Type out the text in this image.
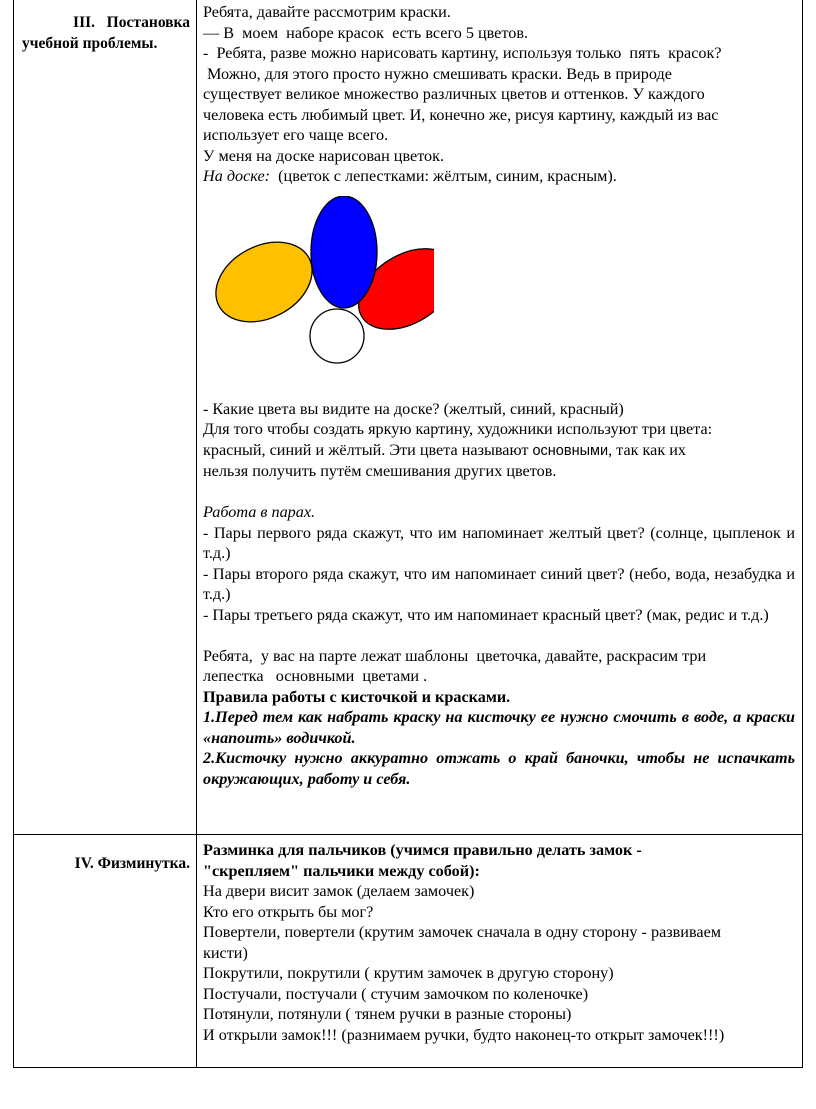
III.   Постановка
учебной проблемы.

Ребята, давайте рассмотрим краски.

— В  моем  наборе красок  есть всего 5 цветов.

-  Ребята, разве можно нарисовать картину, используя только  пять  красок?

Можно, для этого просто нужно смешивать краски. Ведь в природе

существует великое множество различных цветов и оттенков. У каждого

человека есть любимый цвет. И, конечно же, рисуя картину, каждый из вас

использует его чаще всего.

У меня на доске нарисован цветок.

На доске:  (цветок с лепестками: жёлтым, синим, красным).

- Какие цвета вы видите на доске? (желтый, синий, красный)

Для того чтобы создать яркую картину, художники используют три цвета:

красный, синий и жёлтый. Эти цвета называют основными, так как их

нельзя получить путём смешивания других цветов.

Работа в парах.

- Пары первого ряда скажут, что им напоминает желтый цвет? (солнце, цыпленок и т.д.)

- Пары второго ряда скажут, что им напоминает синий цвет? (небо, вода, незабудка и т.д.)

- Пары третьего ряда скажут, что им напоминает красный цвет? (мак, редис и т.д.)

Ребята,  у вас на парте лежат шаблоны  цветочка, давайте, раскрасим три

лепестка   основными  цветами .

Правила работы с кисточкой и красками.

1.Перед тем как набрать краску на кисточку ее нужно смочить в воде, а краски «напоить» водичкой.

2.Кисточку нужно аккуратно отжать о край баночки, чтобы не испачкать окружающих, работу и себя.

IV. Физминутка.

Разминка для пальчиков (учимся правильно делать замок -

"скрепляем" пальчики между собой):

На двери висит замок (делаем замочек)

Кто его открыть бы мог?

Повертели, повертели (крутим замочек сначала в одну сторону - развиваем

кисти)

Покрутили, покрутили ( крутим замочек в другую сторону)

Постучали, постучали ( стучим замочком по коленочке)

Потянули, потянули ( тянем ручки в разные стороны)

И открыли замок!!! (разнимаем ручки, будто наконец-то открыт замочек!!!)
